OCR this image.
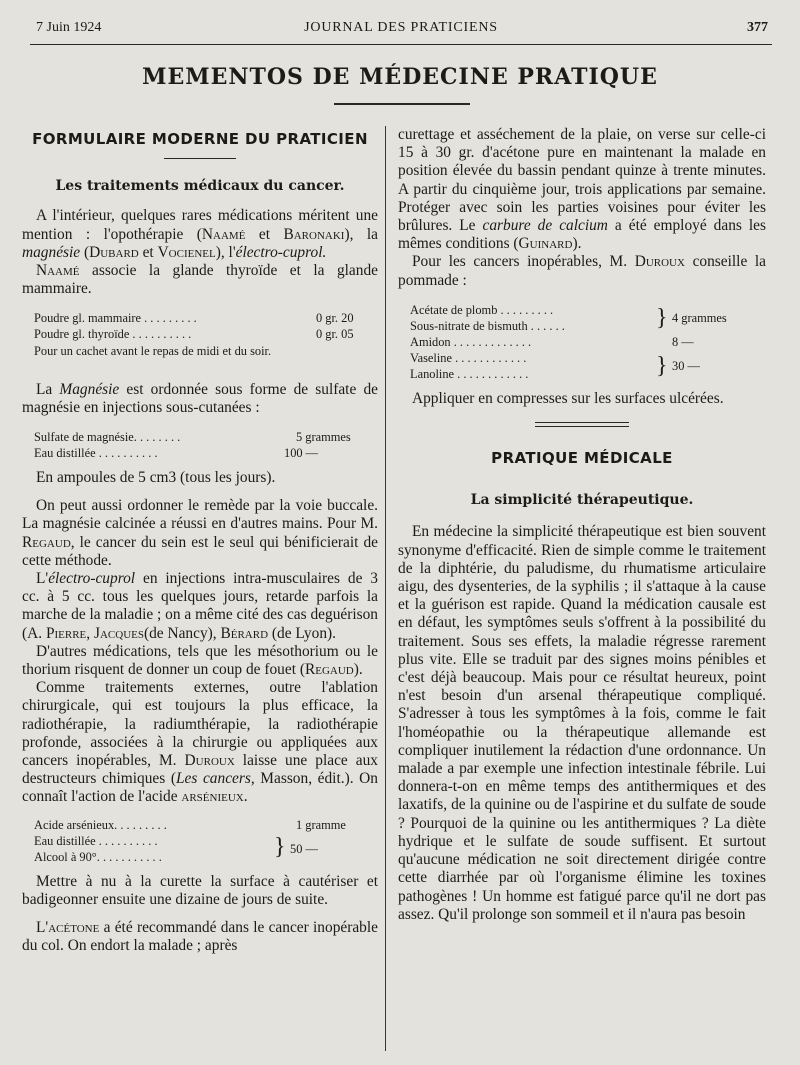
7 Juin 1924	JOURNAL DES PRATICIENS	377
MEMENTOS DE MÉDECINE PRATIQUE
FORMULAIRE MODERNE DU PRATICIEN
Les traitements médicaux du cancer.

A l'intérieur, quelques rares médications méritent une mention : l'opothérapie (Naamé et Baronaki), la magnésie (Dubard et Vocienel), l'électro-cuprol.

Naamé associe la glande thyroïde et la glande mammaire.

Poudre gl. mammaire . . . . . . . . .	0 gr. 20
Poudre gl. thyroïde . . . . . . . . . .	0 gr. 05
Pour un cachet avant le repas de midi et du soir.

La Magnésie est ordonnée sous forme de sulfate de magnésie en injections sous-cutanées :

Sulfate de magnésie. . . . . . . .	5 grammes
Eau distillée . . . . . . . . . .	100 —

En ampoules de 5 cm3 (tous les jours).

On peut aussi ordonner le remède par la voie buccale. La magnésie calcinée a réussi en d'autres mains. Pour M. Regaud, le cancer du sein est le seul qui bénificierait de cette méthode.

L'électro-cuprol en injections intra-musculaires de 3 cc. à 5 cc. tous les quelques jours, retarde parfois la marche de la maladie ; on a même cité des cas deguérison (A. Pierre, Jacques(de Nancy), Bérard (de Lyon).

D'autres médications, tels que les mésothorium ou le thorium risquent de donner un coup de fouet (Regaud).

Comme traitements externes, outre l'ablation chirurgicale, qui est toujours la plus efficace, la radiothérapie, la radiumthérapie, la radiothérapie profonde, associées à la chirurgie ou appliquées aux cancers inopérables, M. Duroux laisse une place aux destructeurs chimiques (Les cancers, Masson, édit.). On connaît l'action de l'acide arsénieux.

Acide arsénieux. . . . . . . . .	1 gramme
Eau distillée . . . . . . . . . .
Alcool à 90°. . . . . . . . . . .	} 50 —

Mettre à nu à la curette la surface à cautériser et badigeonner ensuite une dizaine de jours de suite.

L'acétone a été recommandé dans le cancer inopérable du col. On endort la malade ; après

curettage et asséchement de la plaie, on verse sur celle-ci 15 à 30 gr. d'acétone pure en maintenant la malade en position élevée du bassin pendant quinze à trente minutes. A partir du cinquième jour, trois applications par semaine. Protéger avec soin les parties voisines pour éviter les brûlures. Le carbure de calcium a été employé dans les mêmes conditions (Guinard).

Pour les cancers inopérables, M. Duroux conseille la pommade :

Acétate de plomb . . . . . . . . .
Sous-nitrate de bismuth . . . . . .	} 4 grammes
Amidon . . . . . . . . . . . . .	8 —
Vaseline . . . . . . . . . . . .
Lanoline . . . . . . . . . . . .	} 30 —

Appliquer en compresses sur les surfaces ulcérées.

PRATIQUE MÉDICALE
La simplicité thérapeutique.

En médecine la simplicité thérapeutique est bien souvent synonyme d'efficacité. Rien de simple comme le traitement de la diphtérie, du paludisme, du rhumatisme articulaire aigu, des dysenteries, de la syphilis ; il s'attaque à la cause et la guérison est rapide. Quand la médication causale est en défaut, les symptômes seuls s'offrent à la possibilité du traitement. Sous ses effets, la maladie régresse rarement plus vite. Elle se traduit par des signes moins pénibles et c'est déjà beaucoup. Mais pour ce résultat heureux, point n'est besoin d'un arsenal thérapeutique compliqué. S'adresser à tous les symptômes à la fois, comme le fait l'homéopathie ou la thérapeutique allemande est compliquer inutilement la rédaction d'une ordonnance. Un malade a par exemple une infection intestinale fébrile. Lui donnera-t-on en même temps des antithermiques et des laxatifs, de la quinine ou de l'aspirine et du sulfate de soude ? Pourquoi de la quinine ou les antithermiques ? La diète hydrique et le sulfate de soude suffisent. Et surtout qu'aucune médication ne soit directement dirigée contre cette diarrhée par où l'organisme élimine les toxines pathogènes ! Un homme est fatigué parce qu'il ne dort pas assez. Qu'il prolonge son sommeil et il n'aura pas besoin
